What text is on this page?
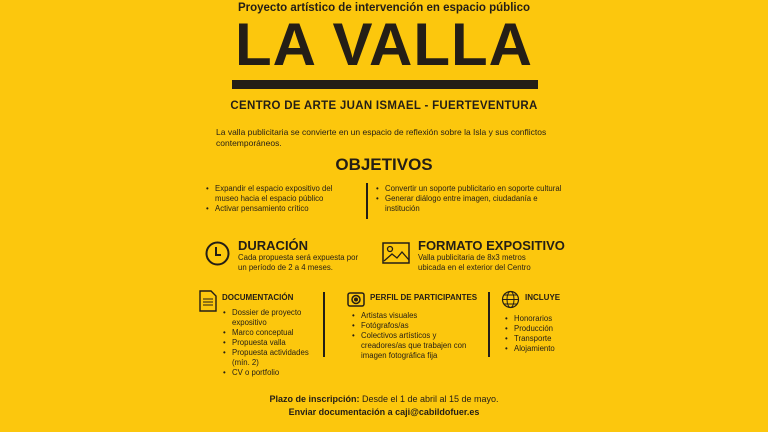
Proyecto artístico de intervención en espacio público
LA VALLA
CENTRO DE ARTE JUAN ISMAEL - FUERTEVENTURA
La valla publicitaria se convierte en un espacio de reflexión sobre la Isla y sus conflictos contemporáneos.
OBJETIVOS
• Expandir el espacio expositivo del museo hacia el espacio público
• Activar pensamiento crítico
• Convertir un soporte publicitario en soporte cultural
• Generar diálogo entre imagen, ciudadanía e institución
DURACIÓN
Cada propuesta será expuesta por un período de 2 a 4 meses.
FORMATO EXPOSITIVO
Valla publicitaria de 8x3 metros ubicada en el exterior del Centro
DOCUMENTACIÓN
• Dossier de proyecto expositivo
• Marco conceptual
• Propuesta valla
• Propuesta actividades (mín. 2)
• CV o portfolio
PERFIL DE PARTICIPANTES
• Artistas visuales
• Fotógrafos/as
• Colectivos artísticos y creadores/as que trabajen con imagen fotográfica fija
INCLUYE
• Honorarios
• Producción
• Transporte
• Alojamiento
Plazo de inscripción: Desde el 1 de abril al 15 de mayo.
Enviar documentación a caji@cabildofuer.es
